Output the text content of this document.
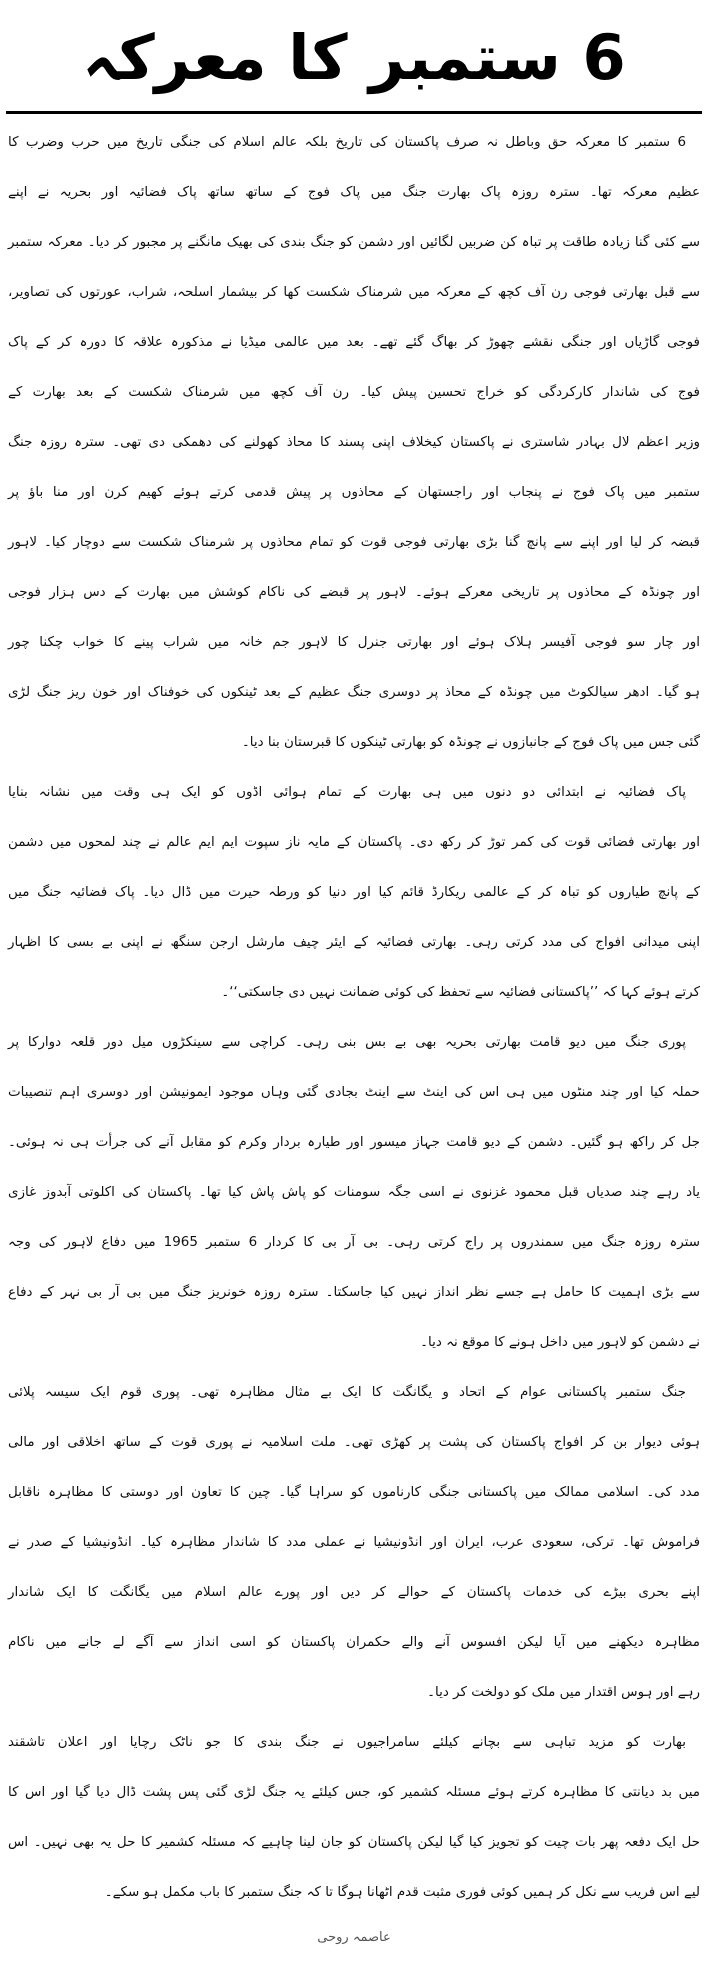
6 ستمبر کا معرکہ
6 ستمبر کا معرکہ حق وباطل نہ صرف پاکستان کی تاریخ بلکہ عالم اسلام کی جنگی تاریخ میں حرب وضرب کا
عظیم معرکہ تھا۔ سترہ روزہ پاک بھارت جنگ میں پاک فوج کے ساتھ ساتھ پاک فضائیہ اور بحریہ نے اپنے
سے کئی گنا زیادہ طاقت پر تباہ کن ضربیں لگائیں اور دشمن کو جنگ بندی کی بھیک مانگنے پر مجبور کر دیا۔ معرکہ ستمبر
سے قبل بھارتی فوجی رن آف کچھ کے معرکہ میں شرمناک شکست کھا کر بیشمار اسلحہ، شراب، عورتوں کی تصاویر،
فوجی گاڑیاں اور جنگی نقشے چھوڑ کر بھاگ گئے تھے۔ بعد میں عالمی میڈیا نے مذکورہ علاقہ کا دورہ کر کے پاک
فوج کی شاندار کارکردگی کو خراج تحسین پیش کیا۔ رن آف کچھ میں شرمناک شکست کے بعد بھارت کے
وزیر اعظم لال بہادر شاستری نے پاکستان کیخلاف اپنی پسند کا محاذ کھولنے کی دھمکی دی تھی۔ سترہ روزہ جنگ
ستمبر میں پاک فوج نے پنجاب اور راجستھان کے محاذوں پر پیش قدمی کرتے ہوئے کھیم کرن اور منا باؤ پر
قبضہ کر لیا اور اپنے سے پانچ گنا بڑی بھارتی فوجی قوت کو تمام محاذوں پر شرمناک شکست سے دوچار کیا۔ لاہور
اور چونڈہ کے محاذوں پر تاریخی معرکے ہوئے۔ لاہور پر قبضے کی ناکام کوشش میں بھارت کے دس ہزار فوجی
اور چار سو فوجی آفیسر ہلاک ہوئے اور بھارتی جنرل کا لاہور جم خانہ میں شراب پینے کا خواب چکنا چور
ہو گیا۔ ادھر سیالکوٹ میں چونڈہ کے محاذ پر دوسری جنگ عظیم کے بعد ٹینکوں کی خوفناک اور خون ریز جنگ لڑی
گئی جس میں پاک فوج کے جانبازوں نے چونڈہ کو بھارتی ٹینکوں کا قبرستان بنا دیا۔
پاک فضائیہ نے ابتدائی دو دنوں میں ہی بھارت کے تمام ہوائی اڈوں کو ایک ہی وقت میں نشانہ بنایا
اور بھارتی فضائی قوت کی کمر توڑ کر رکھ دی۔ پاکستان کے مایہ ناز سپوت ایم ایم عالم نے چند لمحوں میں دشمن
کے پانچ طیاروں کو تباہ کر کے عالمی ریکارڈ قائم کیا اور دنیا کو ورطہ حیرت میں ڈال دیا۔ پاک فضائیہ جنگ میں
اپنی میدانی افواج کی مدد کرتی رہی۔ بھارتی فضائیہ کے ایئر چیف مارشل ارجن سنگھ نے اپنی بے بسی کا اظہار
کرتے ہوئے کہا کہ ’’پاکستانی فضائیہ سے تحفظ کی کوئی ضمانت نہیں دی جاسکتی‘‘۔
پوری جنگ میں دیو قامت بھارتی بحریہ بھی بے بس بنی رہی۔ کراچی سے سینکڑوں میل دور قلعہ دوارکا پر
حملہ کیا اور چند منٹوں میں ہی اس کی اینٹ سے اینٹ بجادی گئی وہاں موجود ایمونیشن اور دوسری اہم تنصیبات
جل کر راکھ ہو گئیں۔ دشمن کے دیو قامت جہاز میسور اور طیارہ بردار وکرم کو مقابل آنے کی جرأت ہی نہ ہوئی۔
یاد رہے چند صدیاں قبل محمود غزنوی نے اسی جگہ سومنات کو پاش پاش کیا تھا۔ پاکستان کی اکلوتی آبدوز غازی
سترہ روزہ جنگ میں سمندروں پر راج کرتی رہی۔ بی آر بی کا کردار 6 ستمبر 1965 میں دفاع لاہور کی وجہ
سے بڑی اہمیت کا حامل ہے جسے نظر انداز نہیں کیا جاسکتا۔ سترہ روزہ خونریز جنگ میں بی آر بی نہر کے دفاع
نے دشمن کو لاہور میں داخل ہونے کا موقع نہ دیا۔
جنگ ستمبر پاکستانی عوام کے اتحاد و یگانگت کا ایک بے مثال مظاہرہ تھی۔ پوری قوم ایک سیسہ پلائی
ہوئی دیوار بن کر افواج پاکستان کی پشت پر کھڑی تھی۔ ملت اسلامیہ نے پوری قوت کے ساتھ اخلاقی اور مالی
مدد کی۔ اسلامی ممالک میں پاکستانی جنگی کارناموں کو سراہا گیا۔ چین کا تعاون اور دوستی کا مظاہرہ ناقابل
فراموش تھا۔ ترکی، سعودی عرب، ایران اور انڈونیشیا نے عملی مدد کا شاندار مظاہرہ کیا۔ انڈونیشیا کے صدر نے
اپنے بحری بیڑے کی خدمات پاکستان کے حوالے کر دیں اور پورے عالم اسلام میں یگانگت کا ایک شاندار
مظاہرہ دیکھنے میں آیا لیکن افسوس آنے والے حکمران پاکستان کو اسی انداز سے آگے لے جانے میں ناکام
رہے اور ہوس اقتدار میں ملک کو دولخت کر دیا۔
بھارت کو مزید تباہی سے بچانے کیلئے سامراجیوں نے جنگ بندی کا جو ناٹک رچایا اور اعلان تاشقند
میں بد دیانتی کا مظاہرہ کرتے ہوئے مسئلہ کشمیر کو، جس کیلئے یہ جنگ لڑی گئی پس پشت ڈال دیا گیا اور اس کا
حل ایک دفعہ پھر بات چیت کو تجویز کیا گیا لیکن پاکستان کو جان لینا چاہیے کہ مسئلہ کشمیر کا حل یہ بھی نہیں۔ اس
لیے اس فریب سے نکل کر ہمیں کوئی فوری مثبت قدم اٹھانا ہوگا تا کہ جنگ ستمبر کا باب مکمل ہو سکے۔
عاصمہ روحی
